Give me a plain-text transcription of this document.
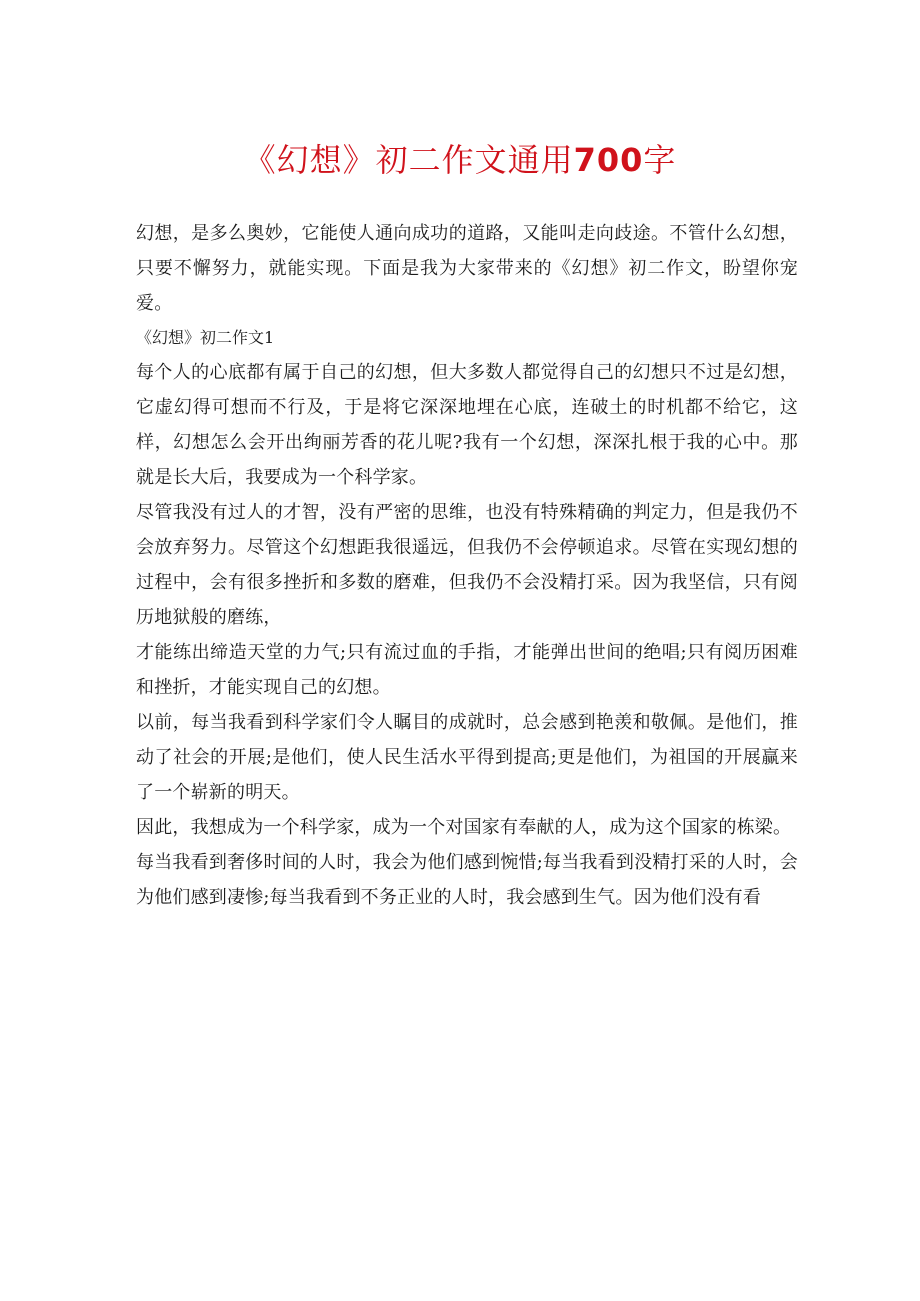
《幻想》初二作文通用700字

幻想，是多么奥妙，它能使人通向成功的道路，又能叫走向歧途。不管什么幻想，只要不懈努力，就能实现。下面是我为大家带来的《幻想》初二作文，盼望你宠爱。

《幻想》初二作文1

每个人的心底都有属于自己的幻想，但大多数人都觉得自己的幻想只不过是幻想，它虚幻得可想而不行及，于是将它深深地埋在心底，连破土的时机都不给它，这样，幻想怎么会开出绚丽芳香的花儿呢?我有一个幻想，深深扎根于我的心中。那就是长大后，我要成为一个科学家。

尽管我没有过人的才智，没有严密的思维，也没有特殊精确的判定力，但是我仍不会放弃努力。尽管这个幻想距我很遥远，但我仍不会停顿追求。尽管在实现幻想的过程中，会有很多挫折和多数的磨难，但我仍不会没精打采。因为我坚信，只有阅历地狱般的磨练，

才能练出缔造天堂的力气;只有流过血的手指，才能弹出世间的绝唱;只有阅历困难和挫折，才能实现自己的幻想。

以前，每当我看到科学家们令人瞩目的成就时，总会感到艳羡和敬佩。是他们，推动了社会的开展;是他们，使人民生活水平得到提高;更是他们，为祖国的开展赢来了一个崭新的明天。

因此，我想成为一个科学家，成为一个对国家有奉献的人，成为这个国家的栋梁。

每当我看到奢侈时间的人时，我会为他们感到惋惜;每当我看到没精打采的人时，会为他们感到凄惨;每当我看到不务正业的人时，我会感到生气。因为他们没有看
